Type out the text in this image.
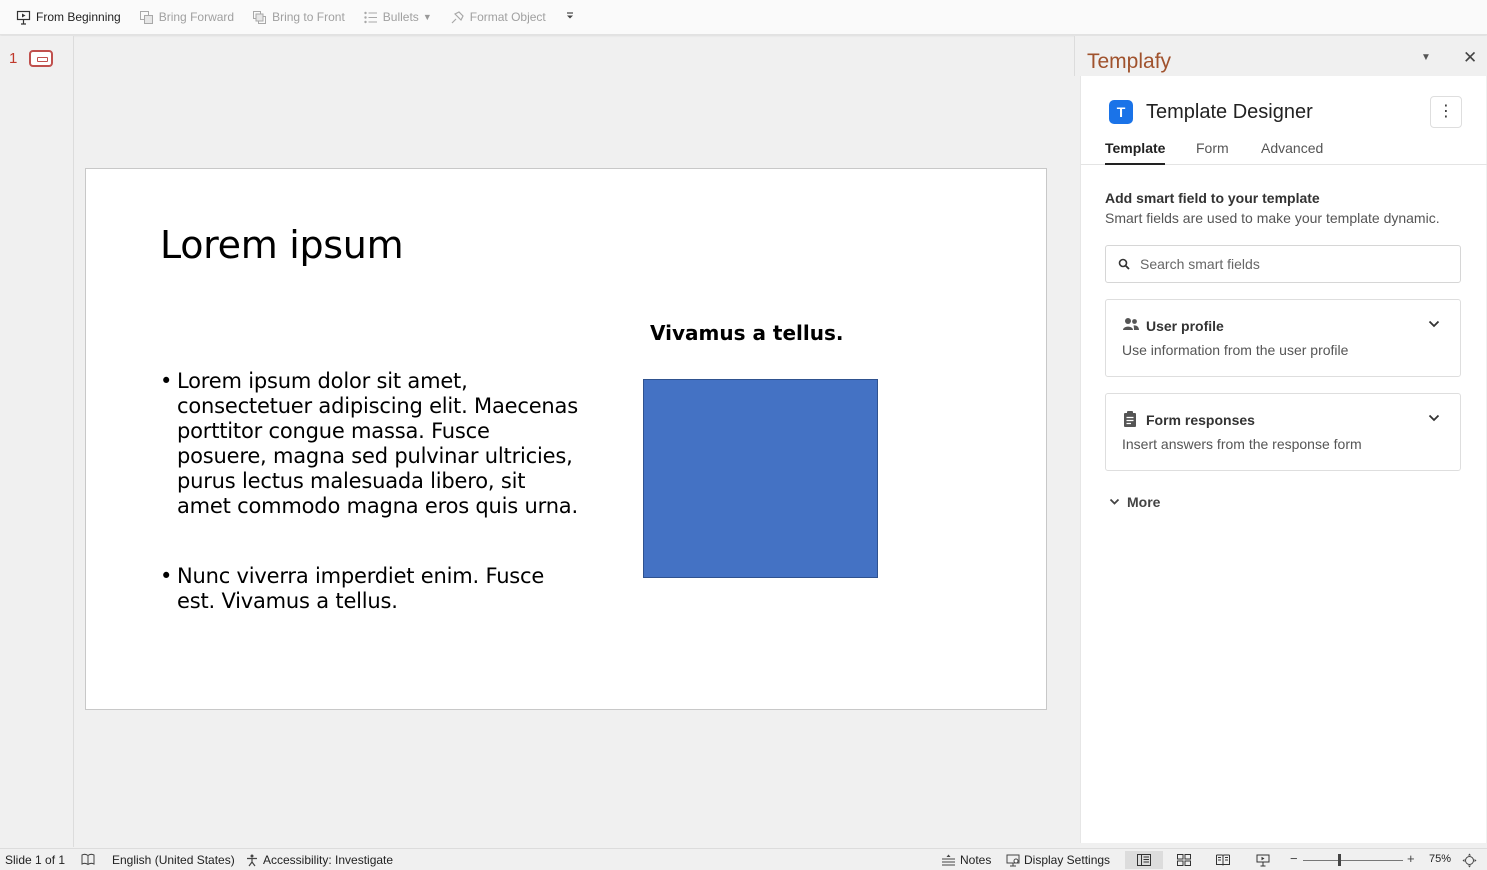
From Beginning	Bring Forward	Bring to Front	Bullets ▼	Format Object
1
Lorem ipsum
Vivamus a tellus.
• Lorem ipsum dolor sit amet, consectetuer adipiscing elit. Maecenas porttitor congue massa. Fusce posuere, magna sed pulvinar ultricies, purus lectus malesuada libero, sit amet commodo magna eros quis urna.
• Nunc viverra imperdiet enim. Fusce est. Vivamus a tellus.
Templafy	▼ ✕
T	Template Designer	⋮
Template Form Advanced
Add smart field to your template
Smart fields are used to make your template dynamic.
Search smart fields
User profile
Use information from the user profile
Form responses
Insert answers from the response form
More
Slide 1 of 1	English (United States) Accessibility: Investigate	Notes	Display Settings	−	+ 75%
